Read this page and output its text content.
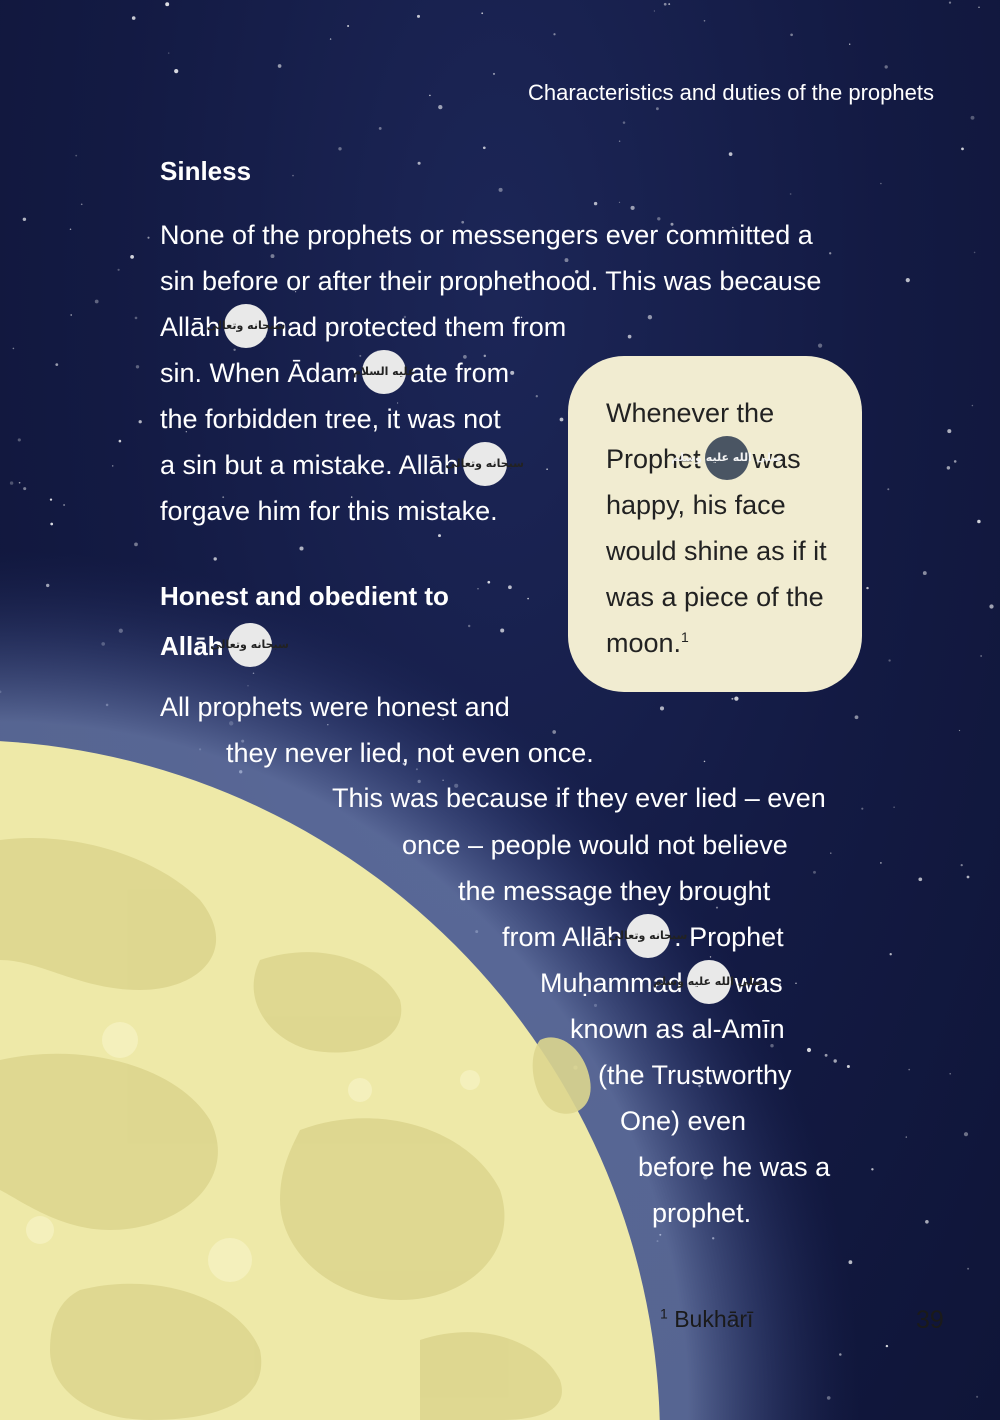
Characteristics and duties of the prophets
Sinless
None of the prophets or messengers ever committed a
sin before or after their prophethood. This was because
Allāhسبحانه وتعالىhad protected them from
sin. When Ādamعليه السلامate from
the forbidden tree, it was not
a sin but a mistake. Allāhسبحانه وتعالى
forgave him for this mistake.
Honest and obedient to
Allāhسبحانه وتعالى
All prophets were honest and
they never lied, not even once.
This was because if they ever lied – even
once – people would not believe
the message they brought
from Allāhسبحانه وتعالى. Prophet
Muḥammadصلى الله عليه وسلمwas
known as al-Amīn
(the Trustworthy
One) even
before he was a
prophet.
Whenever the
Prophetصلى الله عليه وسلمwas
happy, his face
would shine as if it
was a piece of the
moon.$^1$
$^1$ Bukhārī	39
